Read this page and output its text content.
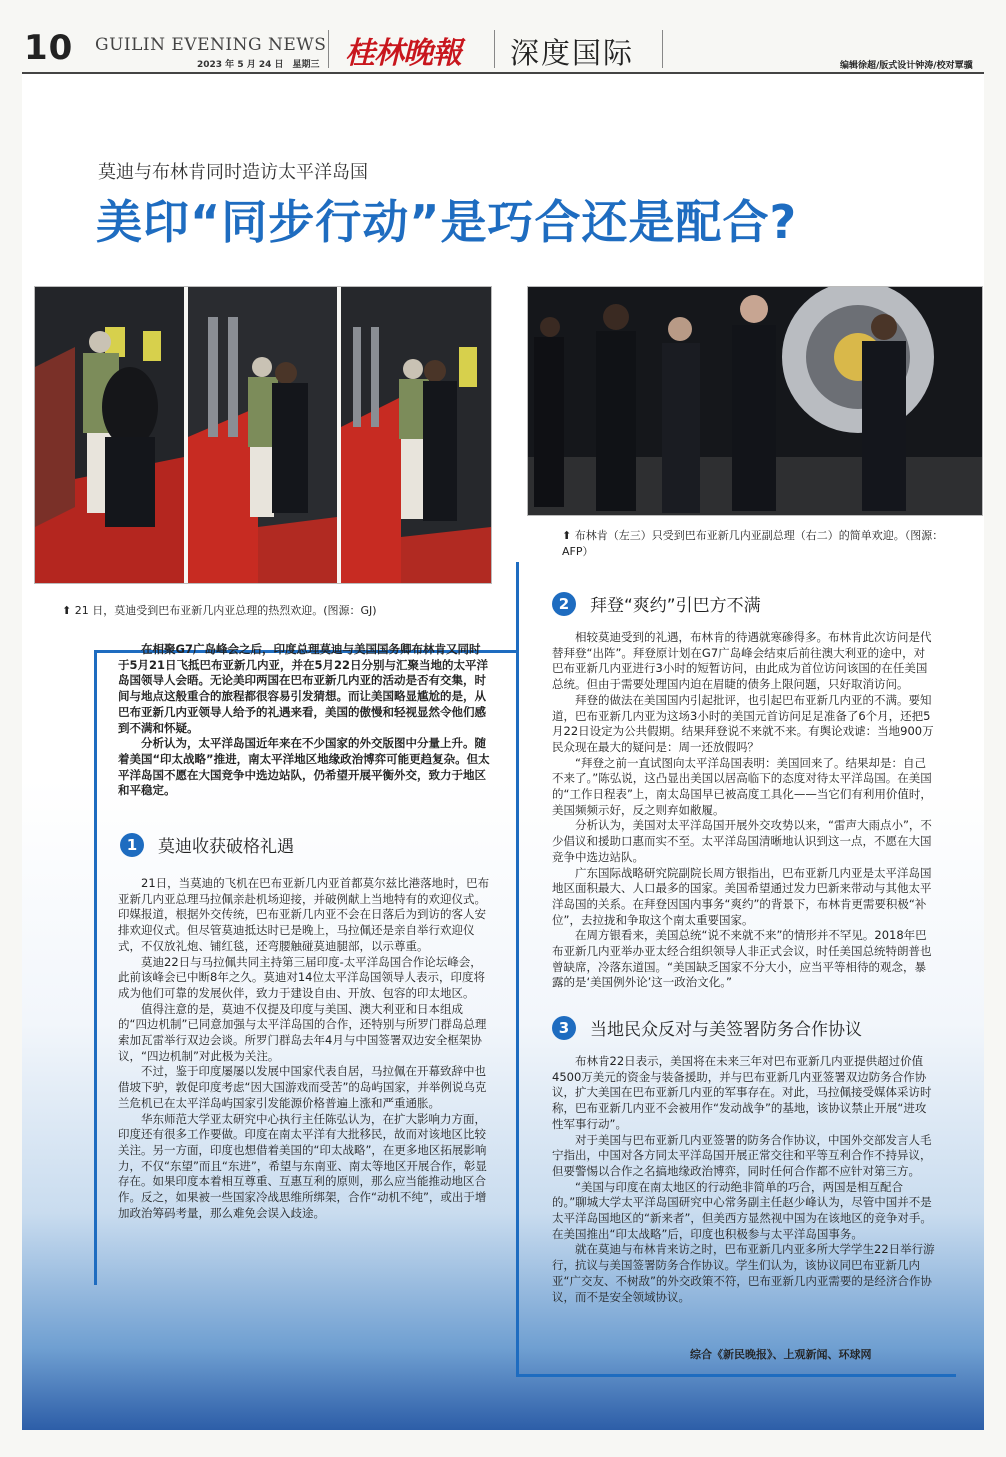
10 GUILIN EVENING NEWS
2023 年 5 月 24 日　星期三 桂林晚報 深度国际	编辑徐超/版式设计钟涛/校对覃骥
莫迪与布林肯同时造访太平洋岛国
美印“同步行动”是巧合还是配合?
⬆ 21 日，莫迪受到巴布亚新几内亚总理的热烈欢迎。(图源：GJ)
⬆ 布林肯（左三）只受到巴布亚新几内亚副总理（右二）的简单欢迎。（图源： AFP）

在相聚G7广岛峰会之后，印度总理莫迪与美国国务卿布林肯又同时于5月21日飞抵巴布亚新几内亚，并在5月22日分别与汇聚当地的太平洋岛国领导人会晤。无论美印两国在巴布亚新几内亚的活动是否有交集，时间与地点这般重合的旅程都很容易引发猜想。而让美国略显尴尬的是，从巴布亚新几内亚领导人给予的礼遇来看，美国的傲慢和轻视显然令他们感到不满和怀疑。

分析认为，太平洋岛国近年来在不少国家的外交版图中分量上升。随着美国“印太战略”推进，南太平洋地区地缘政治博弈可能更趋复杂。但太平洋岛国不愿在大国竞争中选边站队，仍希望开展平衡外交，致力于地区和平稳定。

1	莫迪收获破格礼遇

21日，当莫迪的飞机在巴布亚新几内亚首都莫尔兹比港落地时，巴布亚新几内亚总理马拉佩亲赴机场迎接，并破例献上当地特有的欢迎仪式。印媒报道，根据外交传统，巴布亚新几内亚不会在日落后为到访的客人安排欢迎仪式。但尽管莫迪抵达时已是晚上，马拉佩还是亲自举行欢迎仪式，不仅放礼炮、铺红毯，还弯腰触碰莫迪腿部，以示尊重。

莫迪22日与马拉佩共同主持第三届印度-太平洋岛国合作论坛峰会，此前该峰会已中断8年之久。莫迪对14位太平洋岛国领导人表示，印度将成为他们可靠的发展伙伴，致力于建设自由、开放、包容的印太地区。

值得注意的是，莫迪不仅提及印度与美国、澳大利亚和日本组成的“四边机制”已同意加强与太平洋岛国的合作，还特别与所罗门群岛总理索加瓦雷举行双边会谈。所罗门群岛去年4月与中国签署双边安全框架协议，“四边机制”对此极为关注。

不过，鉴于印度屡屡以发展中国家代表自居，马拉佩在开幕致辞中也借坡下驴，敦促印度考虑“因大国游戏而受苦”的岛屿国家，并举例说乌克兰危机已在太平洋岛屿国家引发能源价格普遍上涨和严重通胀。

华东师范大学亚太研究中心执行主任陈弘认为，在扩大影响力方面，印度还有很多工作要做。印度在南太平洋有大批移民，故而对该地区比较关注。另一方面，印度也想借着美国的“印太战略”，在更多地区拓展影响力，不仅“东望”而且“东进”，希望与东南亚、南太等地区开展合作，彰显存在。如果印度本着相互尊重、互惠互利的原则，那么应当能推动地区合作。反之，如果被一些国家冷战思维所绑架，合作“动机不纯”，或出于增加政治筹码考量，那么难免会误入歧途。

2	拜登“爽约”引巴方不满

相较莫迪受到的礼遇，布林肯的待遇就寒碜得多。布林肯此次访问是代替拜登“出阵”。拜登原计划在G7广岛峰会结束后前往澳大利亚的途中，对巴布亚新几内亚进行3小时的短暂访问，由此成为首位访问该国的在任美国总统。但由于需要处理国内迫在眉睫的债务上限问题，只好取消访问。

拜登的做法在美国国内引起批评，也引起巴布亚新几内亚的不满。要知道，巴布亚新几内亚为这场3小时的美国元首访问足足准备了6个月，还把5月22日设定为公共假期。结果拜登说不来就不来。有舆论戏谑：当地900万民众现在最大的疑问是：周一还放假吗？

“拜登之前一直试图向太平洋岛国表明：美国回来了。结果却是：自己不来了。”陈弘说，这凸显出美国以居高临下的态度对待太平洋岛国。在美国的“工作日程表”上，南太岛国早已被高度工具化——当它们有利用价值时，美国频频示好，反之则弃如敝履。

分析认为，美国对太平洋岛国开展外交攻势以来，“雷声大雨点小”，不少倡议和援助口惠而实不至。太平洋岛国清晰地认识到这一点，不愿在大国竞争中选边站队。

广东国际战略研究院副院长周方银指出，巴布亚新几内亚是太平洋岛国地区面积最大、人口最多的国家。美国希望通过发力巴新来带动与其他太平洋岛国的关系。在拜登因国内事务“爽约”的背景下，布林肯更需要积极“补位”，去拉拢和争取这个南太重要国家。

在周方银看来，美国总统“说不来就不来”的情形并不罕见。2018年巴布亚新几内亚举办亚太经合组织领导人非正式会议，时任美国总统特朗普也曾缺席，冷落东道国。“美国缺乏国家不分大小，应当平等相待的观念，暴露的是‘美国例外论’这一政治文化。”

3	当地民众反对与美签署防务合作协议

布林肯22日表示，美国将在未来三年对巴布亚新几内亚提供超过价值4500万美元的资金与装备援助，并与巴布亚新几内亚签署双边防务合作协议，扩大美国在巴布亚新几内亚的军事存在。对此，马拉佩接受媒体采访时称，巴布亚新几内亚不会被用作“发动战争”的基地，该协议禁止开展“进攻性军事行动”。

对于美国与巴布亚新几内亚签署的防务合作协议，中国外交部发言人毛宁指出，中国对各方同太平洋岛国开展正常交往和平等互利合作不持异议，但要警惕以合作之名搞地缘政治博弈，同时任何合作都不应针对第三方。

“美国与印度在南太地区的行动绝非简单的巧合，两国是相互配合的。”聊城大学太平洋岛国研究中心常务副主任赵少峰认为，尽管中国并不是太平洋岛国地区的“新来者”，但美西方显然视中国为在该地区的竞争对手。在美国推出“印太战略”后，印度也积极参与太平洋岛国事务。

就在莫迪与布林肯来访之时，巴布亚新几内亚多所大学学生22日举行游行，抗议与美国签署防务合作协议。学生们认为，该协议同巴布亚新几内亚“广交友、不树敌”的外交政策不符，巴布亚新几内亚需要的是经济合作协议，而不是安全领域协议。

综合《新民晚报》、上观新闻、环球网
